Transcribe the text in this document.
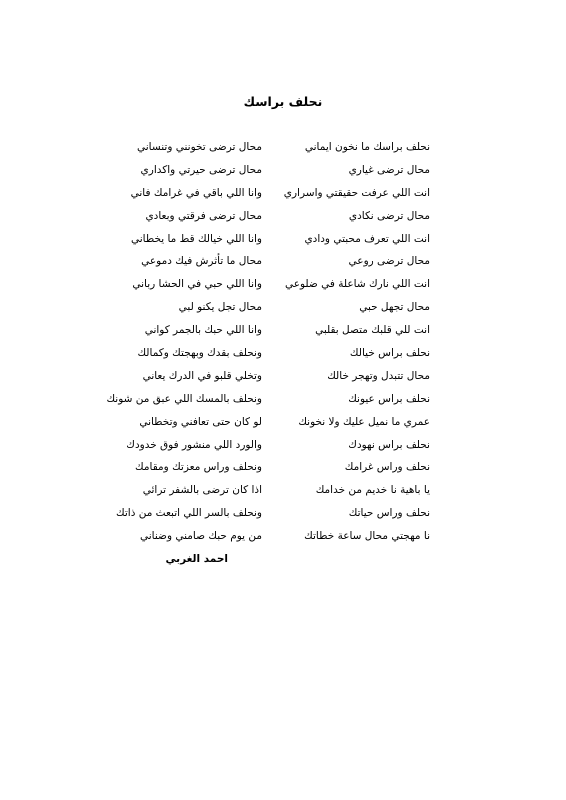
نحلف براسك
نحلف براسك ما نخون ايماني
محال ترضى تخونني وتنساني
محال ترضى غياري
محال ترضى حيرتي واكداري
انت اللي عرفت حقيقتي واسراري
وانا اللي باقي في غرامك فاني
محال ترضى نكادي
محال ترضى فرقتي وبعادي
انت اللي تعرف محبتي ودادي
وانا اللي خيالك قط ما يخطاني
محال ترضى روعي
محال ما تأثرش فيك دموعي
انت اللي نارك شاعلة في ضلوعي
وانا اللي حبي في الحشا رباني
محال تجهل حبي
محال تجل يكنو لبي
انت للي قلبك متصل بقلبي
وانا اللي حبك بالجمر كواني
نحلف براس خيالك
ونحلف بقدك وبهجتك وكمالك
محال تتبدل وتهجر خالك
وتخلي قلبو في الدرك يعاني
نحلف براس عيونك
ونحلف بالمسك اللي عبق من شونك
عمري ما نميل عليك ولا نخونك
لو كان حتى تعافني وتخطاني
نحلف براس نهودك
والورد اللي منشور فوق خدودك
نحلف وراس غرامك
ونحلف وراس معزتك ومقامك
يا باهية نا خديم من خدامك
اذا كان ترضى بالشفر ترائي
نحلف وراس حياتك
ونحلف بالسر اللي اتبعث من ذاتك
نا مهجتي محال ساعة خطاتك
من يوم حبك صامني وضناني
احمد الغربي
